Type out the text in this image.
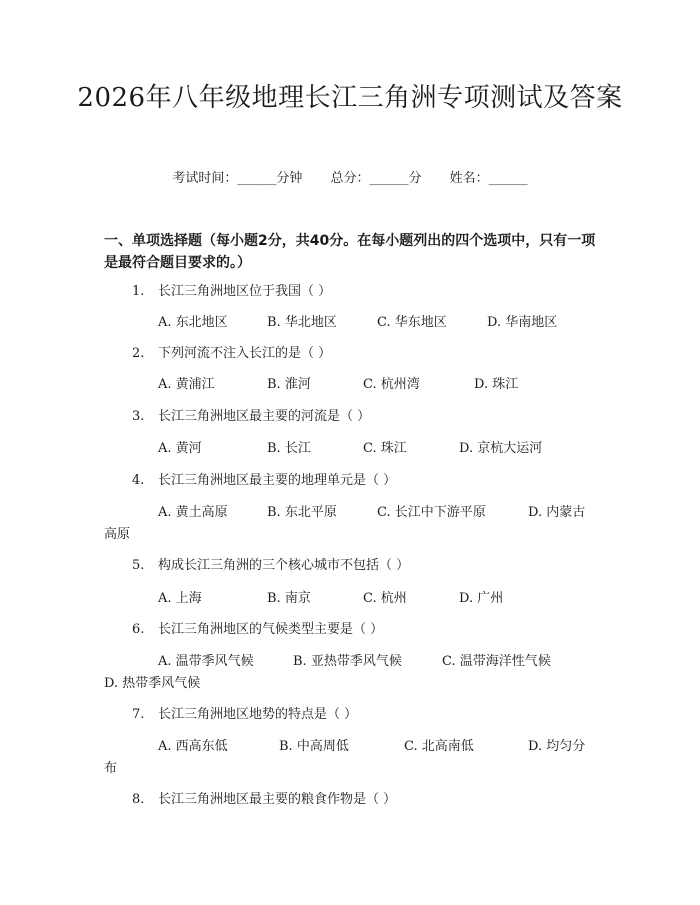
2026年八年级地理长江三角洲专项测试及答案
考试时间：______分钟 总分：______分 姓名：______
一、单项选择题（每小题2分，共40分。在每小题列出的四个选项中，只有一项
是最符合题目要求的。）
1. 长江三角洲地区位于我国（ ）
A. 东北地区	B. 华北地区	C. 华东地区	D. 华南地区
2. 下列河流不注入长江的是（ ）
A. 黄浦江	B. 淮河	C. 杭州湾	D. 珠江
3. 长江三角洲地区最主要的河流是（ ）
A. 黄河	B. 长江	C. 珠江	D. 京杭大运河
4. 长江三角洲地区最主要的地理单元是（ ）
A. 黄土高原	B. 东北平原	C. 长江中下游平原	D. 内蒙古
高原
5. 构成长江三角洲的三个核心城市不包括（ ）
A. 上海	B. 南京	C. 杭州	D. 广州
6. 长江三角洲地区的气候类型主要是（ ）
A. 温带季风气候	B. 亚热带季风气候	C. 温带海洋性气候
D. 热带季风气候
7. 长江三角洲地区地势的特点是（ ）
A. 西高东低	B. 中高周低	C. 北高南低	D. 均匀分
布
8. 长江三角洲地区最主要的粮食作物是（ ）
